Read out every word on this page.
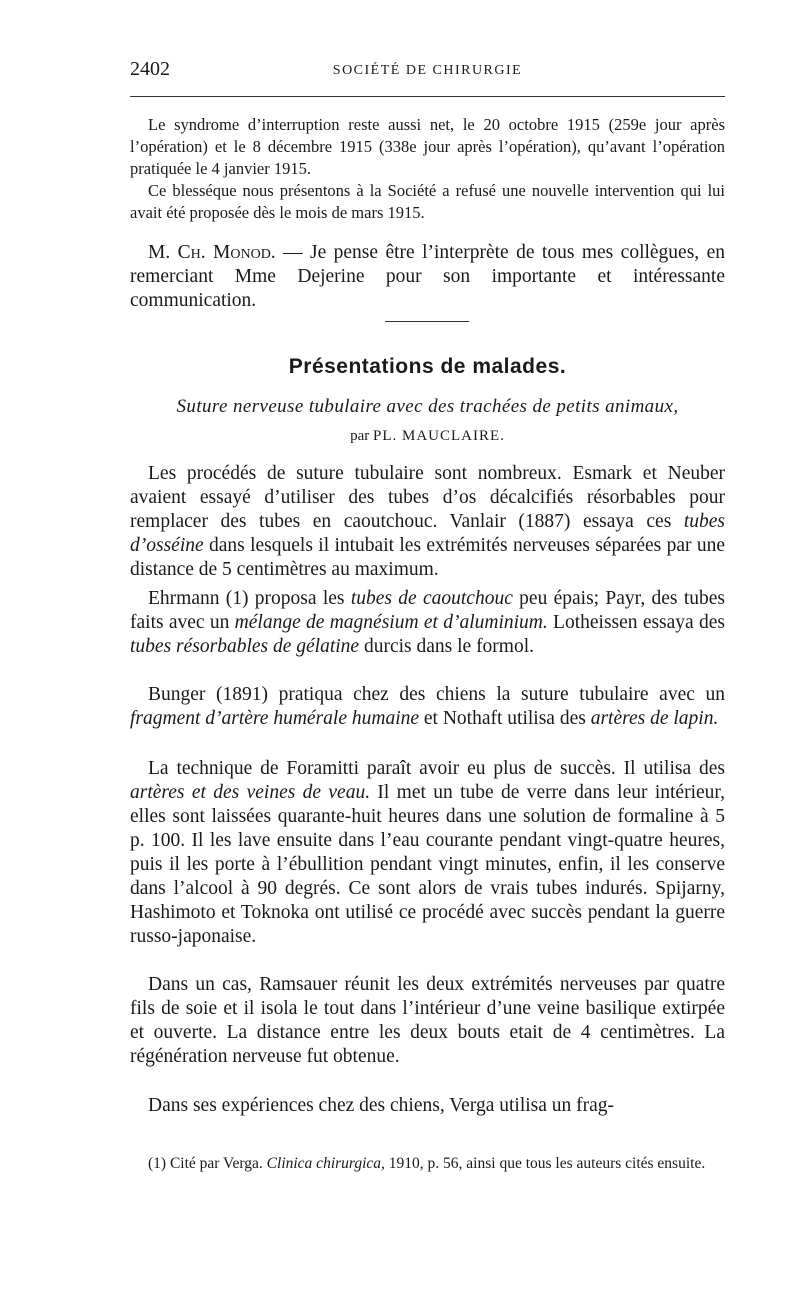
2402	SOCIÉTÉ DE CHIRURGIE

Le syndrome d’interruption reste aussi net, le 20 octobre 1915 (259e jour après l’opération) et le 8 décembre 1915 (338e jour après l’opération), qu’avant l’opération pratiquée le 4 janvier 1915.

Ce blesséque nous présentons à la Société a refusé une nouvelle intervention qui lui avait été proposée dès le mois de mars 1915.

M. Ch. Monod. — Je pense être l’interprète de tous mes collègues, en remerciant Mme Dejerine pour son importante et intéressante communication.

Présentations de malades.
Suture nerveuse tubulaire avec des trachées de petits animaux,
par PL. MAUCLAIRE.

Les procédés de suture tubulaire sont nombreux. Esmark et Neuber avaient essayé d’utiliser des tubes d’os décalcifiés résorbables pour remplacer des tubes en caoutchouc. Vanlair (1887) essaya ces tubes d’osséine dans lesquels il intubait les extrémités nerveuses séparées par une distance de 5 centimètres au maximum.

Ehrmann (1) proposa les tubes de caoutchouc peu épais; Payr, des tubes faits avec un mélange de magnésium et d’aluminium. Lotheissen essaya des tubes résorbables de gélatine durcis dans le formol.

Bunger (1891) pratiqua chez des chiens la suture tubulaire avec un fragment d’artère humérale humaine et Nothaft utilisa des artères de lapin.

La technique de Foramitti paraît avoir eu plus de succès. Il utilisa des artères et des veines de veau. Il met un tube de verre dans leur intérieur, elles sont laissées quarante-huit heures dans une solution de formaline à 5 p. 100. Il les lave ensuite dans l’eau courante pendant vingt-quatre heures, puis il les porte à l’ébullition pendant vingt minutes, enfin, il les conserve dans l’alcool à 90 degrés. Ce sont alors de vrais tubes indurés. Spijarny, Hashimoto et Toknoka ont utilisé ce procédé avec succès pendant la guerre russo-japonaise.

Dans un cas, Ramsauer réunit les deux extrémités nerveuses par quatre fils de soie et il isola le tout dans l’intérieur d’une veine basilique extirpée et ouverte. La distance entre les deux bouts etait de 4 centimètres. La régénération nerveuse fut obtenue.

Dans ses expériences chez des chiens, Verga utilisa un frag-

(1) Cité par Verga. Clinica chirurgica, 1910, p. 56, ainsi que tous les auteurs cités ensuite.
